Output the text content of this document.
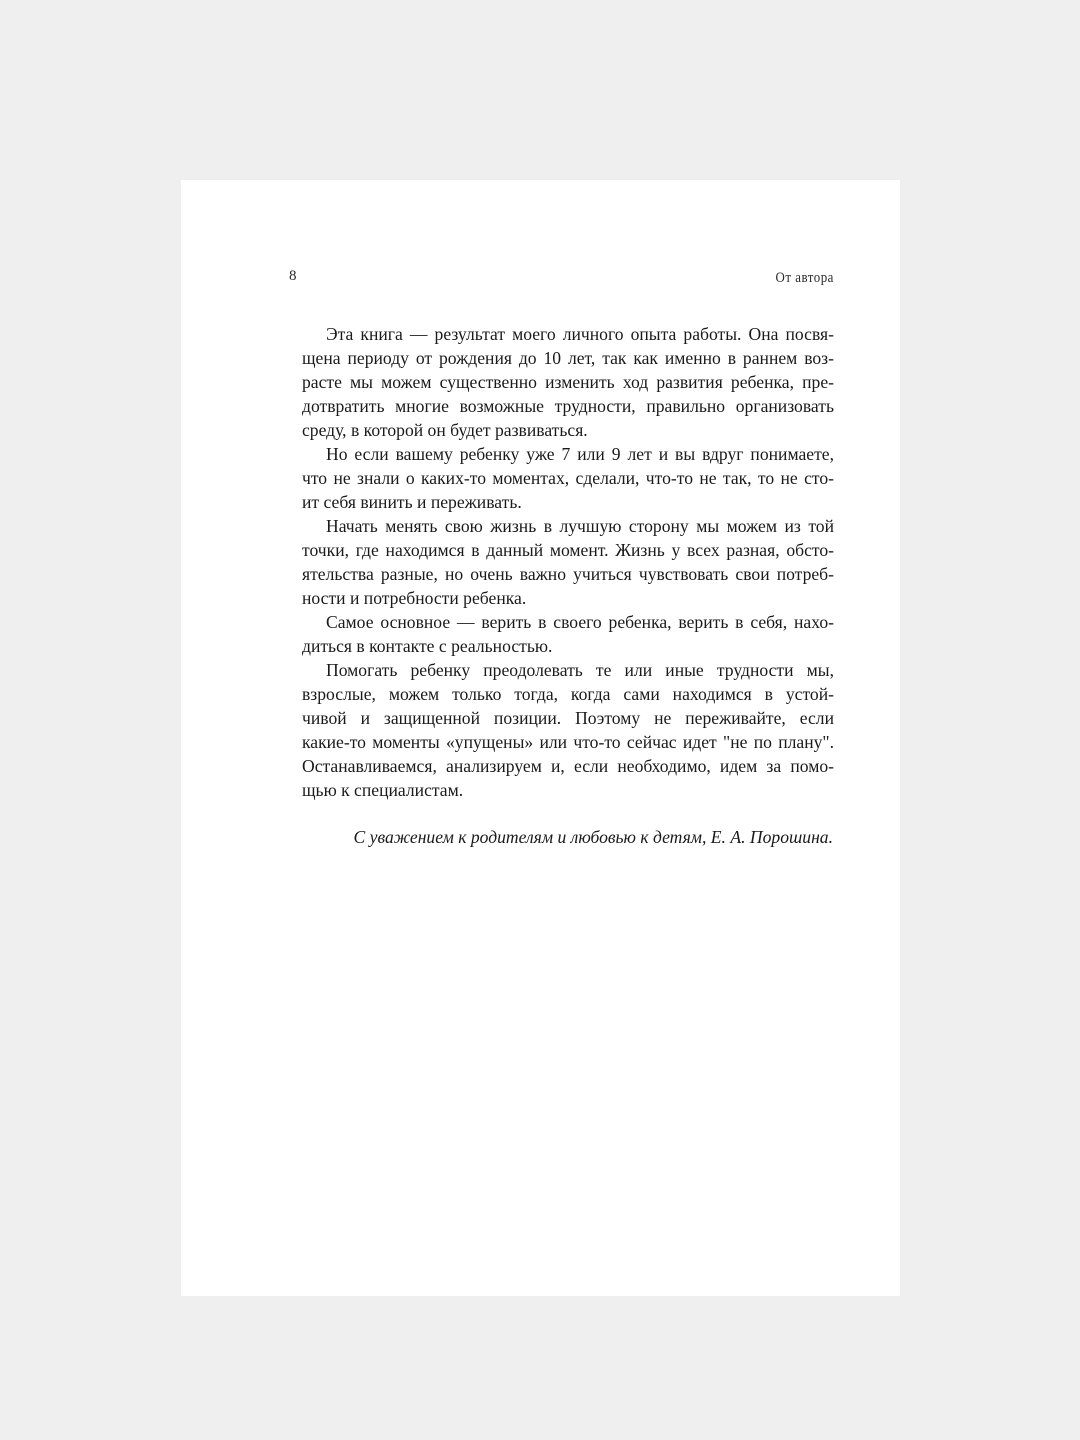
8	От автора
Эта книга — результат моего личного опыта работы. Она посвя-
щена периоду от рождения до 10 лет, так как именно в раннем воз-
расте мы можем существенно изменить ход развития ребенка, пре-
дотвратить многие возможные трудности, правильно организовать
среду, в которой он будет развиваться.
Но если вашему ребенку уже 7 или 9 лет и вы вдруг понимаете,
что не знали о каких-то моментах, сделали, что-то не так, то не сто-
ит себя винить и переживать.
Начать менять свою жизнь в лучшую сторону мы можем из той
точки, где находимся в данный момент. Жизнь у всех разная, обсто-
ятельства разные, но очень важно учиться чувствовать свои потреб-
ности и потребности ребенка.
Самое основное — верить в своего ребенка, верить в себя, нахо-
диться в контакте с реальностью.
Помогать ребенку преодолевать те или иные трудности мы,
взрослые, можем только тогда, когда сами находимся в устой-
чивой и защищенной позиции. Поэтому не переживайте, если
какие-то моменты «упущены» или что-то сейчас идет "не по плану".
Останавливаемся, анализируем и, если необходимо, идем за помо-
щью к специалистам.
С уважением к родителям и любовью к детям, Е. А. Порошина.
